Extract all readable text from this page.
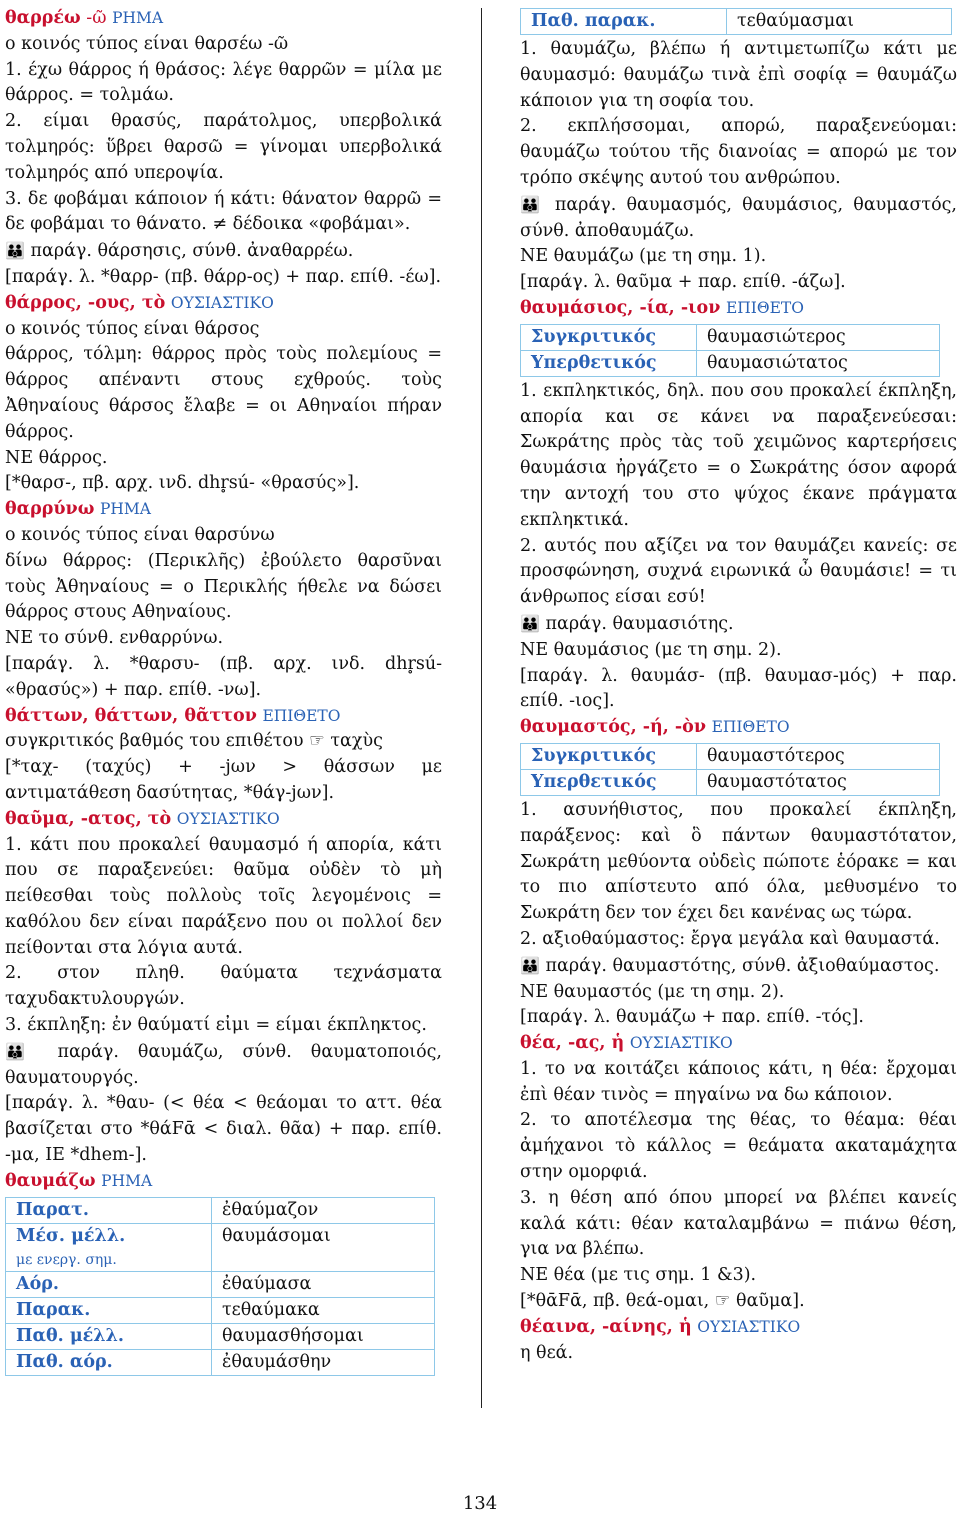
θαρρέω -ῶ ΡΗΜΑ

ο κοινός τύπος είναι θαρσέω -ῶ

1. έχω θάρρος ή θράσος: λέγε θαρρῶν = μίλα με θάρρος. = τολμάω.

2. είμαι θρασύς, παράτολμος, υπερβολικά τολμηρός: ὕβρει θαρσῶ = γίνομαι υπερβολικά τολμηρός από υπεροψία.

3. δε φοβάμαι κάποιον ή κάτι: θάνατον θαρρῶ = δε φοβάμαι το θάνατο. ≠ δέδοικα «φοβάμαι».

👪 παράγ. θάρσησις, σύνθ. ἀναθαρρέω.

[παράγ. λ. *θαρρ- (πβ. θάρρ-ος) + παρ. επίθ. -έω].

θάρρος, -ους, τὸ ΟΥΣΙΑΣΤΙΚΟ

ο κοινός τύπος είναι θάρσος

θάρρος, τόλμη: θάρρος πρὸς τοὺς πολεμίους = θάρρος απέναντι στους εχθρούς. τοὺς Ἀθηναίους θάρσος ἔλαβε = οι Αθηναίοι πήραν θάρρος.

ΝΕ θάρρος.

[*θαρσ-, πβ. αρχ. ινδ. dhr̥sú- «θρασύς»].

θαρρύνω ΡΗΜΑ

ο κοινός τύπος είναι θαρσύνω

δίνω θάρρος: (Περικλῆς) ἐβούλετο θαρσῦναι τοὺς Ἀθηναίους = ο Περικλής ήθελε να δώσει θάρρος στους Αθηναίους.

ΝΕ το σύνθ. ενθαρρύνω.

[παράγ. λ. *θαρσυ- (πβ. αρχ. ινδ. dhr̥sú- «θρασύς») + παρ. επίθ. -νω].

θάττων, θάττων, θᾶττον ΕΠΙΘΕΤΟ

συγκριτικός βαθμός του επιθέτου ☞ ταχὺς

[*ταχ- (ταχύς) + -jων > θάσσων με αντιματάθεση δασύτητας, *θάγ-jων].

θαῦμα, -ατος, τὸ ΟΥΣΙΑΣΤΙΚΟ

1. κάτι που προκαλεί θαυμασμό ή απορία, κάτι που σε παραξενεύει: θαῦμα οὐδὲν τὸ μὴ πείθεσθαι τοὺς πολλοὺς τοῖς λεγομένοις = καθόλου δεν είναι παράξενο που οι πολλοί δεν πείθονται στα λόγια αυτά.

2. στον πληθ. θαύματα τεχνάσματα ταχυδακτυλουργών.

3. έκπληξη: ἐν θαύματί εἰμι = είμαι έκπληκτος.

👪 παράγ. θαυμάζω, σύνθ. θαυματοποιός, θαυματουργός.

[παράγ. λ. *θαυ- (< θέα < θεάομαι το αττ. θέα βασίζεται στο *θάFᾱ < διαλ. θᾶα) + παρ. επίθ. -μα, ΙΕ *dhem-].

θαυμάζω ΡΗΜΑ

Παρατ.	ἐθαύμαζον
Μέσ. μέλλ.	θαυμάσομαι
με ενεργ. σημ.	
Αόρ.	ἐθαύμασα
Παρακ.	τεθαύμακα
Παθ. μέλλ.	θαυμασθήσομαι
Παθ. αόρ.	ἐθαυμάσθην
Παθ. παρακ.	τεθαύμασμαι

1. θαυμάζω, βλέπω ή αντιμετωπίζω κάτι με θαυμασμό: θαυμάζω τινὰ ἐπὶ σοφίᾳ = θαυμάζω κάποιον για τη σοφία του.

2. εκπλήσσομαι, απορώ, παραξενεύομαι: θαυμάζω τούτου τῆς διανοίας = απορώ με τον τρόπο σκέψης αυτού του ανθρώπου.

👪 παράγ. θαυμασμός, θαυμάσιος, θαυμαστός, σύνθ. ἀποθαυμάζω.

ΝΕ θαυμάζω (με τη σημ. 1).

[παράγ. λ. θαῦμα + παρ. επίθ. -άζω].

θαυμάσιος, -ία, -ιον ΕΠΙΘΕΤΟ

Συγκριτικός	θαυμασιώτερος
Υπερθετικός	θαυμασιώτατος

1. εκπληκτικός, δηλ. που σου προκαλεί έκπληξη, απορία και σε κάνει να παραξενεύεσαι: Σωκράτης πρὸς τὰς τοῦ χειμῶνος καρτερήσεις θαυμάσια ἠργάζετο = ο Σωκράτης όσον αφορά την αντοχή του στο ψύχος έκανε πράγματα εκπληκτικά.

2. αυτός που αξίζει να τον θαυμάζει κανείς: σε προσφώνηση, συχνά ειρωνικά ὦ θαυμάσιε! = τι άνθρωπος είσαι εσύ!

👪 παράγ. θαυμασιότης.

ΝΕ θαυμάσιος (με τη σημ. 2).

[παράγ. λ. θαυμάσ- (πβ. θαυμασ-μός) + παρ. επίθ. -ιος].

θαυμαστός, -ή, -ὸν ΕΠΙΘΕΤΟ

Συγκριτικός	θαυμαστότερος
Υπερθετικός	θαυμαστότατος

1. ασυνήθιστος, που προκαλεί έκπληξη, παράξενος: καὶ ὃ πάντων θαυμαστότατον, Σωκράτη μεθύοντα οὐδεὶς πώποτε ἑόρακε = και το πιο απίστευτο από όλα, μεθυσμένο το Σωκράτη δεν τον έχει δει κανένας ως τώρα.

2. αξιοθαύμαστος: ἔργα μεγάλα καὶ θαυμαστά.

👪 παράγ. θαυμαστότης, σύνθ. ἀξιοθαύμαστος.

ΝΕ θαυμαστός (με τη σημ. 2).

[παράγ. λ. θαυμάζω + παρ. επίθ. -τός].

θέα, -ας, ἡ ΟΥΣΙΑΣΤΙΚΟ

1. το να κοιτάζει κάποιος κάτι, η θέα: ἔρχομαι ἐπὶ θέαν τινὸς = πηγαίνω να δω κάποιον.

2. το αποτέλεσμα της θέας, το θέαμα: θέαι ἀμήχανοι τὸ κάλλος = θεάματα ακαταμάχητα στην ομορφιά.

3. η θέση από όπου μπορεί να βλέπει κανείς καλά κάτι: θέαν καταλαμβάνω = πιάνω θέση, για να βλέπω.

ΝΕ θέα (με τις σημ. 1 &3).

[*θᾱFᾱ, πβ. θεά-ομαι, ☞ θαῦμα].

θέαινα, -αίνης, ἡ ΟΥΣΙΑΣΤΙΚΟ

η θεά.

134
